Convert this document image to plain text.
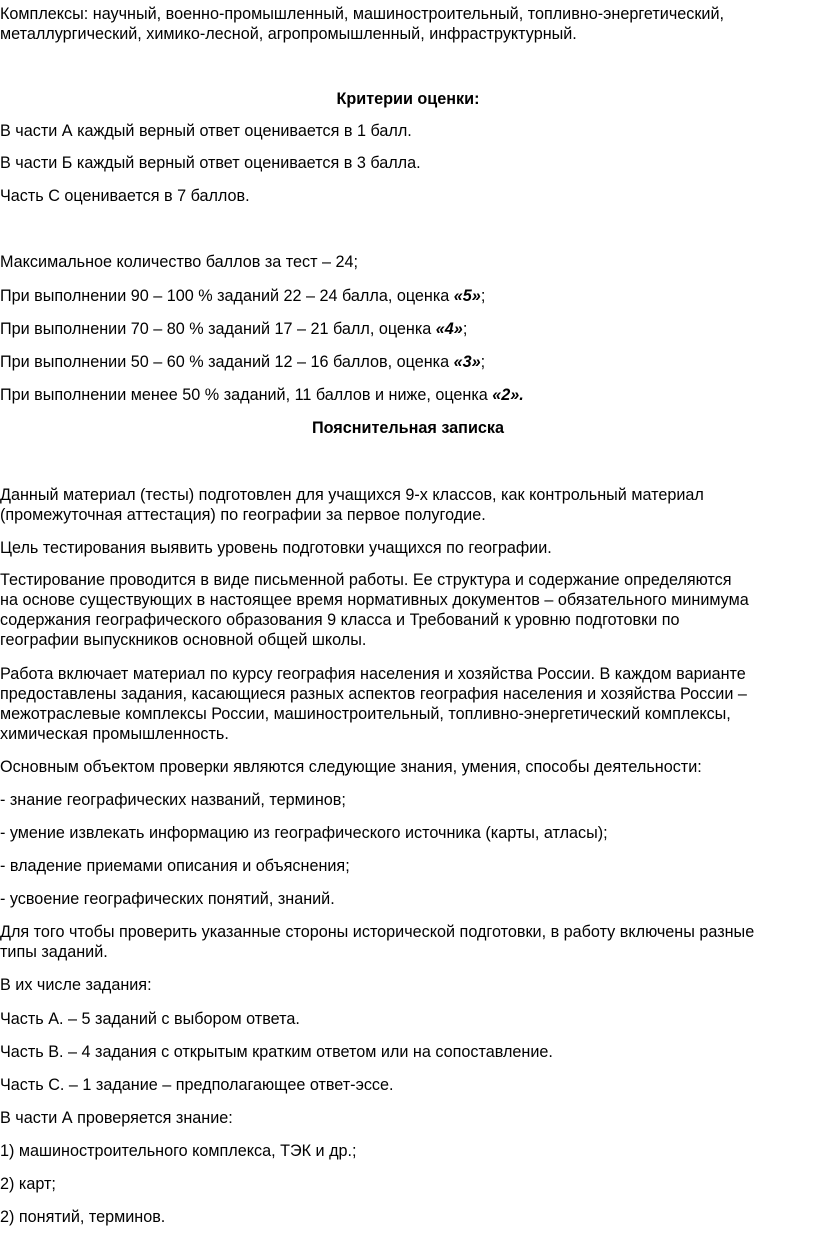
Комплексы: научный, военно-промышленный, машиностроительный, топливно-энергетический,
металлургический, химико-лесной, агропромышленный, инфраструктурный.
Критерии оценки:
В части А каждый верный ответ оценивается в 1 балл.
В части Б каждый верный ответ оценивается в 3 балла.
Часть С оценивается в 7 баллов.
Максимальное количество баллов за тест – 24;
При выполнении 90 – 100 % заданий 22 – 24 балла, оценка «5»;
При выполнении 70 – 80 % заданий 17 – 21 балл, оценка «4»;
При выполнении 50 – 60 % заданий 12 – 16 баллов, оценка «3»;
При выполнении менее 50 % заданий, 11 баллов и ниже, оценка «2».
Пояснительная записка
Данный материал (тесты) подготовлен для учащихся 9-х классов, как контрольный материал
(промежуточная аттестация) по географии за первое полугодие.
Цель тестирования выявить уровень подготовки учащихся по географии.
Тестирование проводится в виде письменной работы. Ее структура и содержание определяются
на основе существующих в настоящее время нормативных документов – обязательного минимума
содержания географического образования 9 класса и Требований к уровню подготовки по
географии выпускников основной общей школы.
Работа включает материал по курсу география населения и хозяйства России. В каждом варианте
предоставлены задания, касающиеся разных аспектов география населения и хозяйства России –
межотраслевые комплексы России, машиностроительный, топливно-энергетический комплексы,
химическая промышленность.
Основным объектом проверки являются следующие знания, умения, способы деятельности:
- знание географических названий, терминов;
- умение извлекать информацию из географического источника (карты, атласы);
- владение приемами описания и объяснения;
- усвоение географических понятий, знаний.
Для того чтобы проверить указанные стороны исторической подготовки, в работу включены разные
типы заданий.
В их числе задания:
Часть А. – 5 заданий с выбором ответа.
Часть В. – 4 задания с открытым кратким ответом или на сопоставление.
Часть С. – 1 задание – предполагающее ответ-эссе.
В части А проверяется знание:
1) машиностроительного комплекса, ТЭК и др.;
2) карт;
2) понятий, терминов.
